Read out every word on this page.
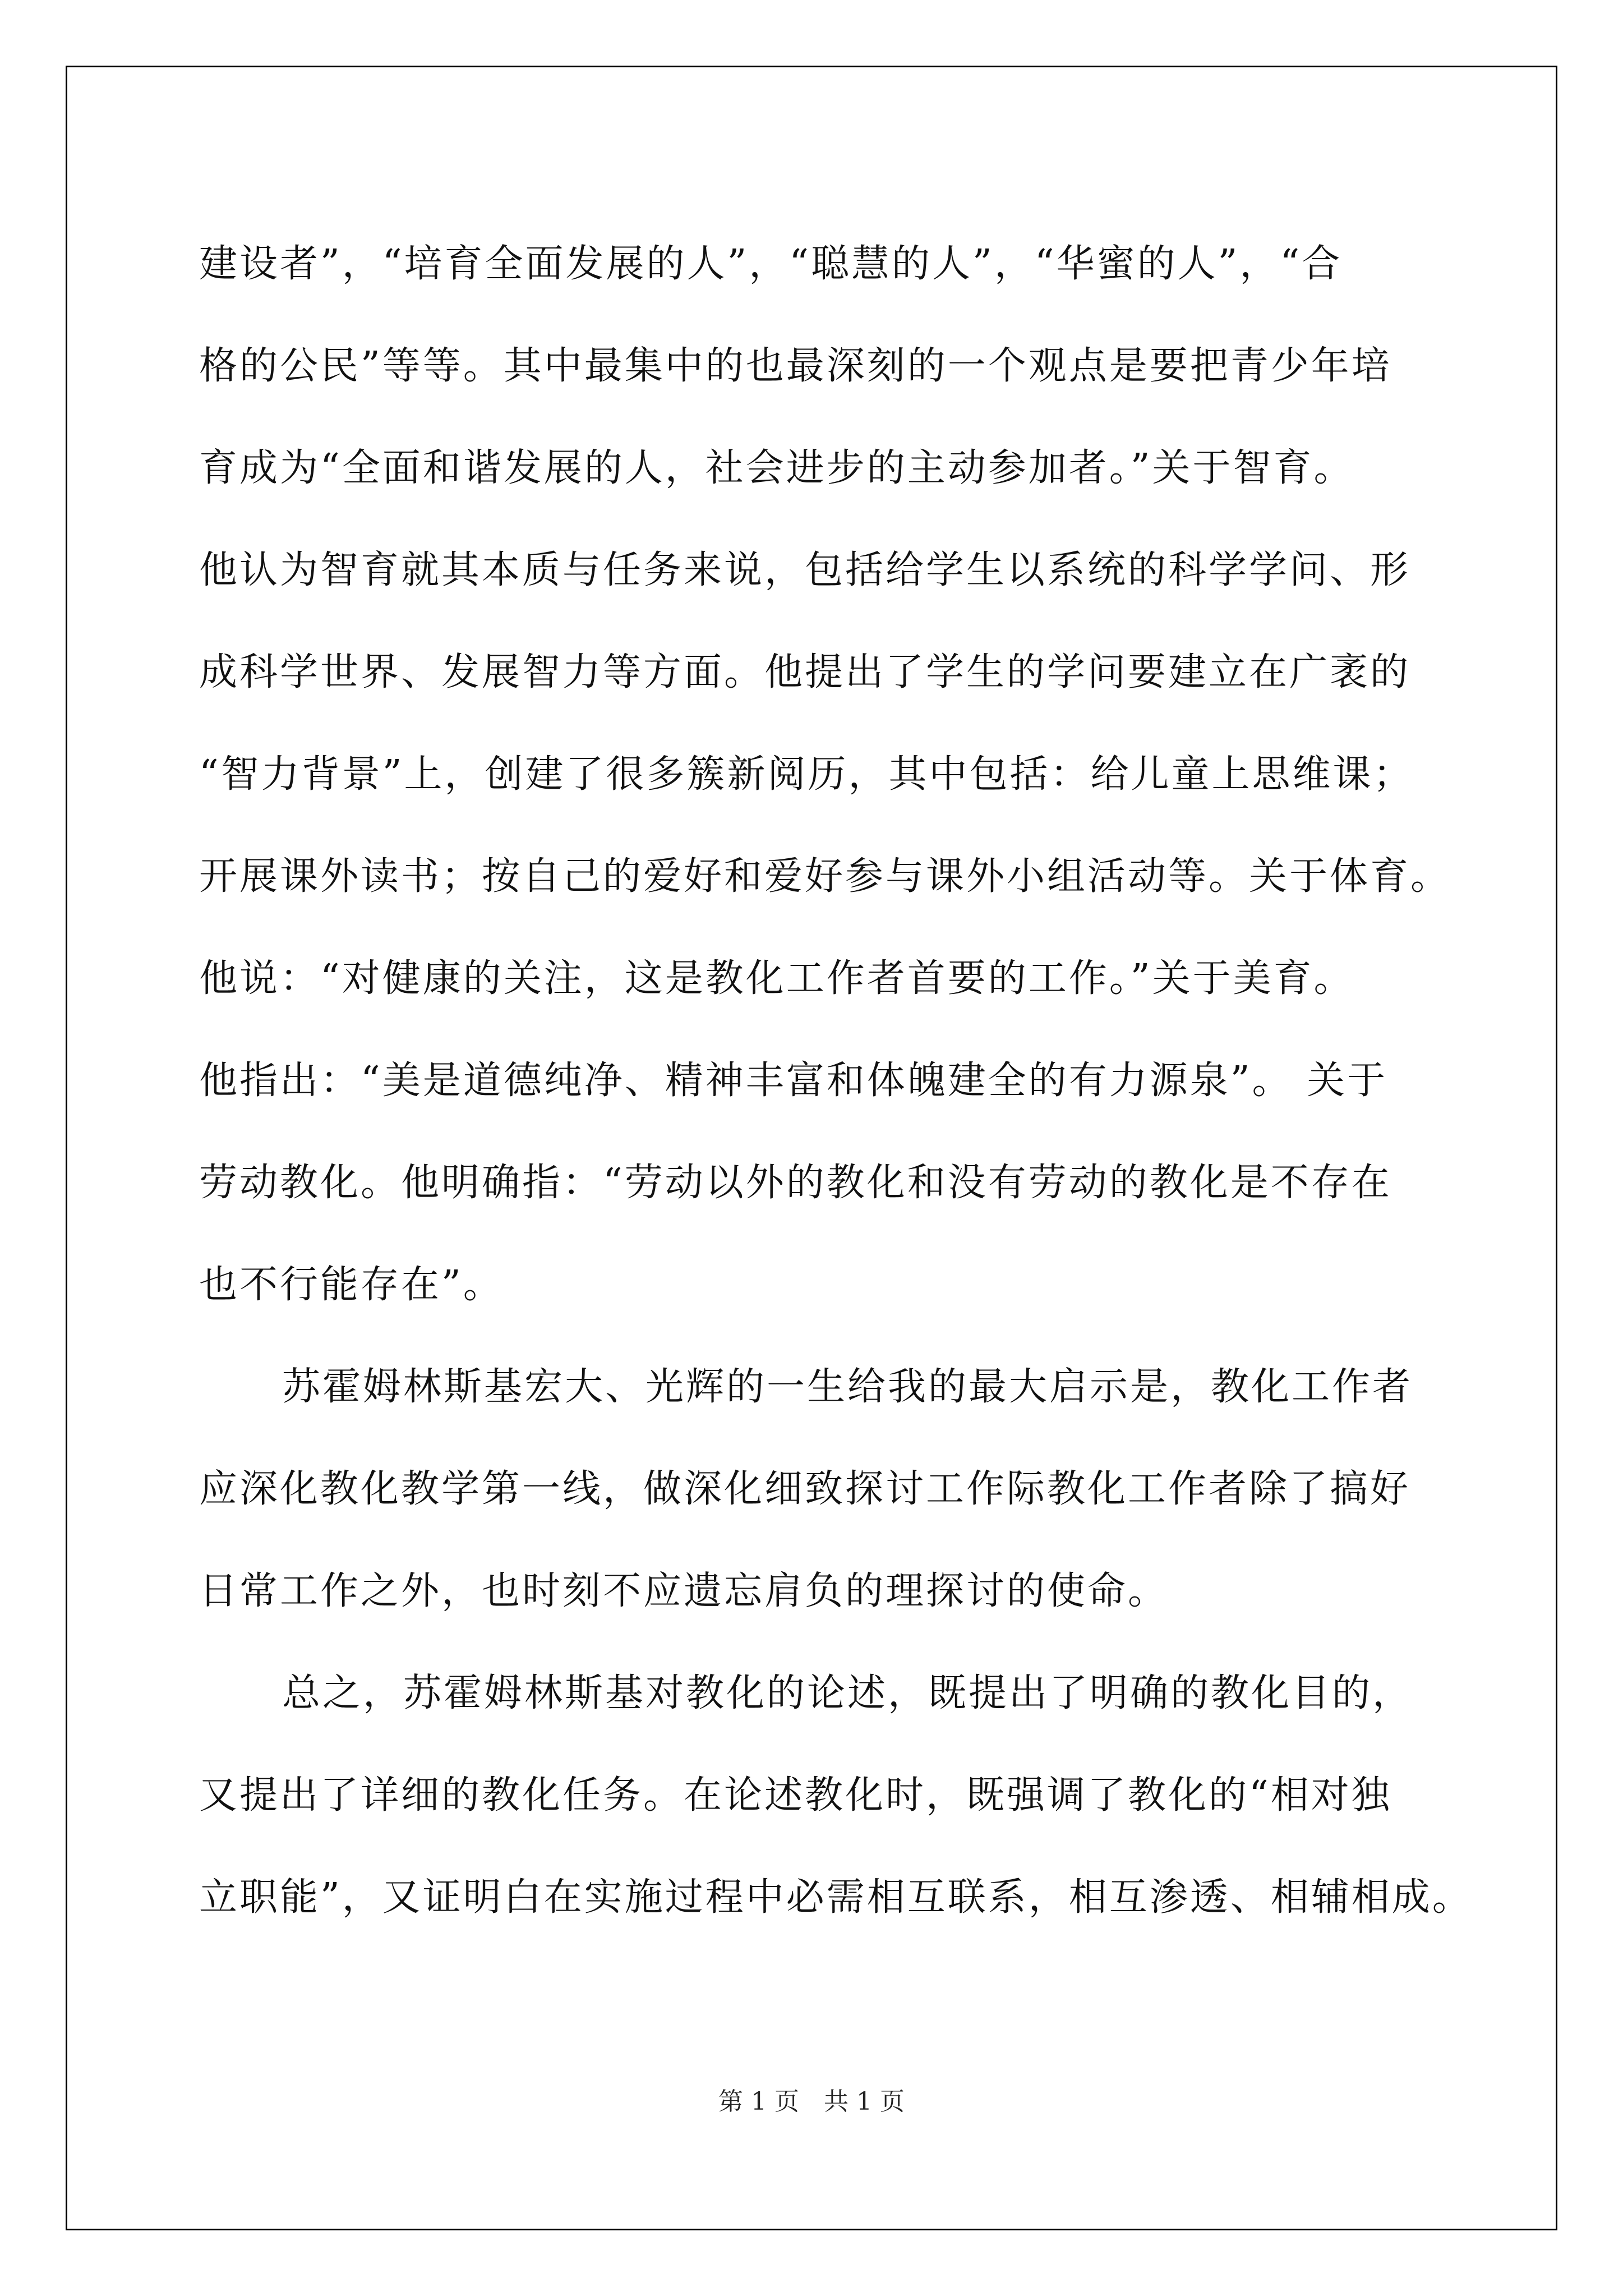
建设者”，“培育全面发展的人”，“聪慧的人”，“华蜜的人”，“合
格的公民”等等。其中最集中的也最深刻的一个观点是要把青少年培
育成为“全面和谐发展的人，社会进步的主动参加者。”关于智育。
他认为智育就其本质与任务来说，包括给学生以系统的科学学问、形
成科学世界、发展智力等方面。他提出了学生的学问要建立在广袤的
“智力背景”上，创建了很多簇新阅历，其中包括：给儿童上思维课；
开展课外读书；按自己的爱好和爱好参与课外小组活动等。关于体育。
他说：“对健康的关注，这是教化工作者首要的工作。”关于美育。
他指出：“美是道德纯净、精神丰富和体魄建全的有力源泉”。 关于
劳动教化。他明确指：“劳动以外的教化和没有劳动的教化是不存在
也不行能存在”。
苏霍姆林斯基宏大、光辉的一生给我的最大启示是，教化工作者
应深化教化教学第一线，做深化细致探讨工作际教化工作者除了搞好
日常工作之外，也时刻不应遗忘肩负的理探讨的使命。
总之，苏霍姆林斯基对教化的论述，既提出了明确的教化目的，
又提出了详细的教化任务。在论述教化时，既强调了教化的“相对独
立职能”，又证明白在实施过程中必需相互联系，相互渗透、相辅相成。
第 1 页　共 1 页
